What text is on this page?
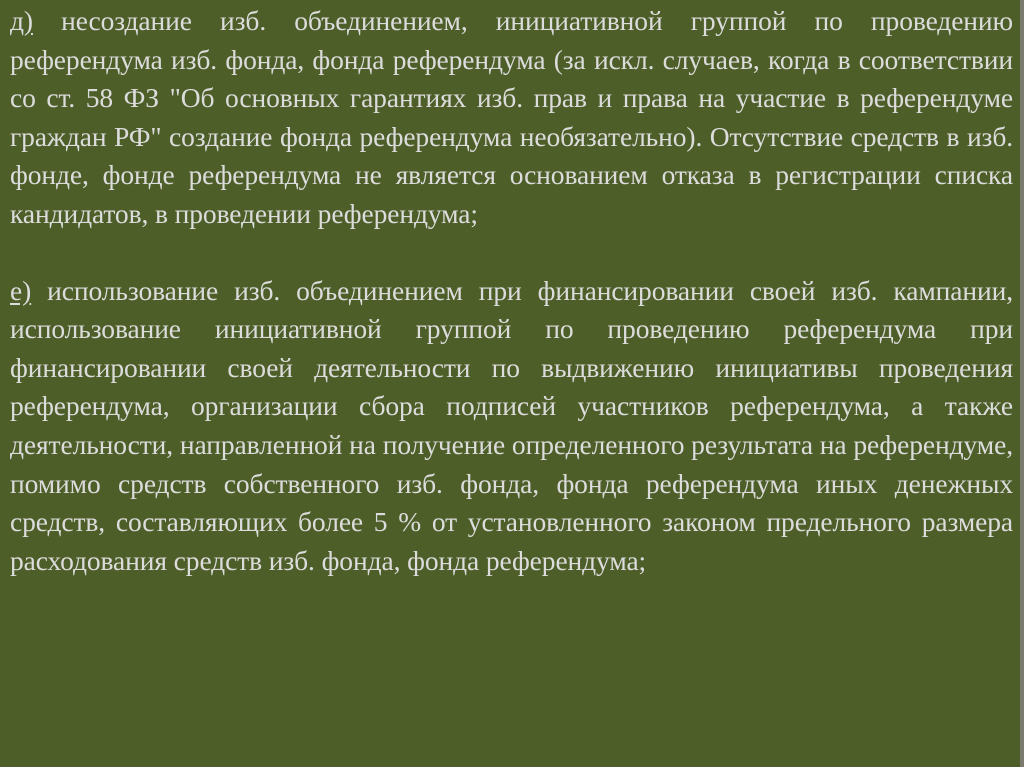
д) несоздание изб. объединением, инициативной группой по проведению референдума изб. фонда, фонда референдума (за искл. случаев, когда в соответствии со ст. 58 ФЗ "Об основных гарантиях изб. прав и права на участие в референдуме граждан РФ" создание фонда референдума необязательно). Отсутствие средств в изб. фонде, фонде референдума не является основанием отказа в регистрации списка кандидатов, в проведении референдума;

е) использование изб. объединением при финансировании своей изб. кампании, использование инициативной группой по проведению референдума при финансировании своей деятельности по выдвижению инициативы проведения референдума, организации сбора подписей участников референдума, а также деятельности, направленной на получение определенного результата на референдуме, помимо средств собственного изб. фонда, фонда референдума иных денежных средств, составляющих более 5 % от установленного законом предельного размера расходования средств изб. фонда, фонда референдума;
